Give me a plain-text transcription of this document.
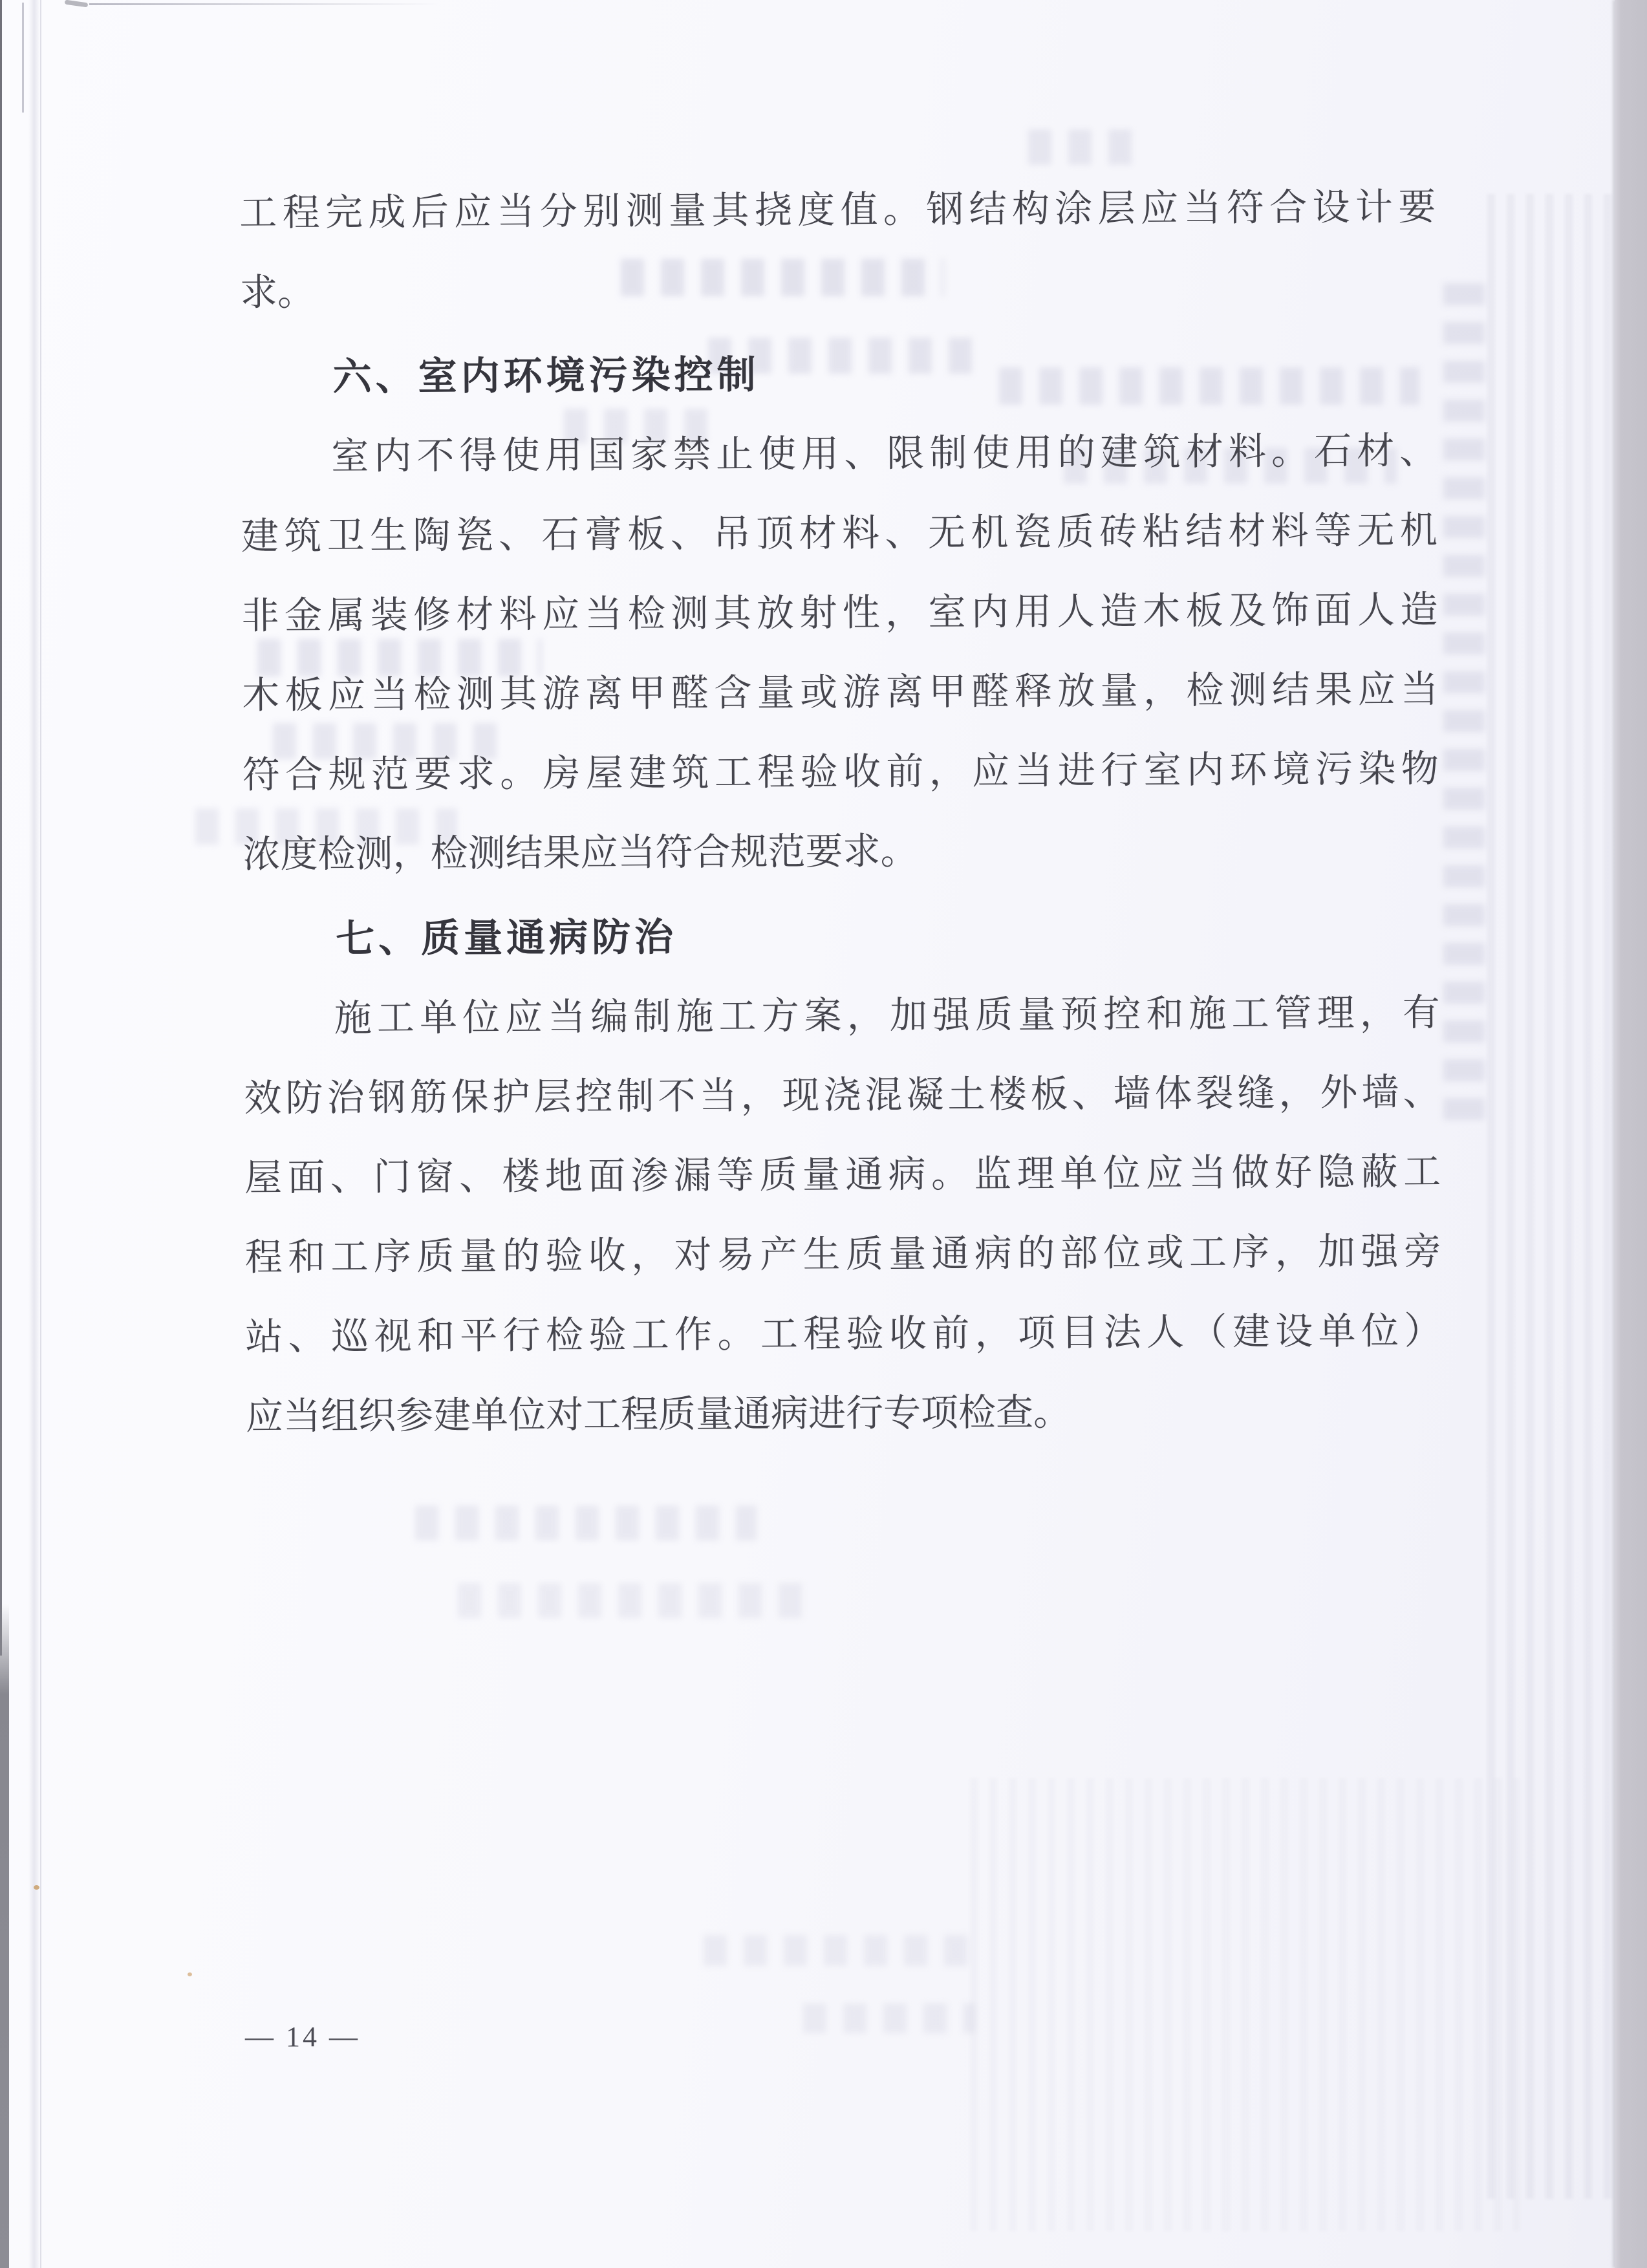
工程完成后应当分别测量其挠度值。钢结构涂层应当符合设计要
求。
六、室内环境污染控制
室内不得使用国家禁止使用、限制使用的建筑材料。石材、
建筑卫生陶瓷、石膏板、吊顶材料、无机瓷质砖粘结材料等无机
非金属装修材料应当检测其放射性，室内用人造木板及饰面人造
木板应当检测其游离甲醛含量或游离甲醛释放量，检测结果应当
符合规范要求。房屋建筑工程验收前，应当进行室内环境污染物
浓度检测，检测结果应当符合规范要求。
七、质量通病防治
施工单位应当编制施工方案，加强质量预控和施工管理，有
效防治钢筋保护层控制不当，现浇混凝土楼板、墙体裂缝，外墙、
屋面、门窗、楼地面渗漏等质量通病。监理单位应当做好隐蔽工
程和工序质量的验收，对易产生质量通病的部位或工序，加强旁
站、巡视和平行检验工作。工程验收前，项目法人（建设单位）
应当组织参建单位对工程质量通病进行专项检查。
— 14 —
